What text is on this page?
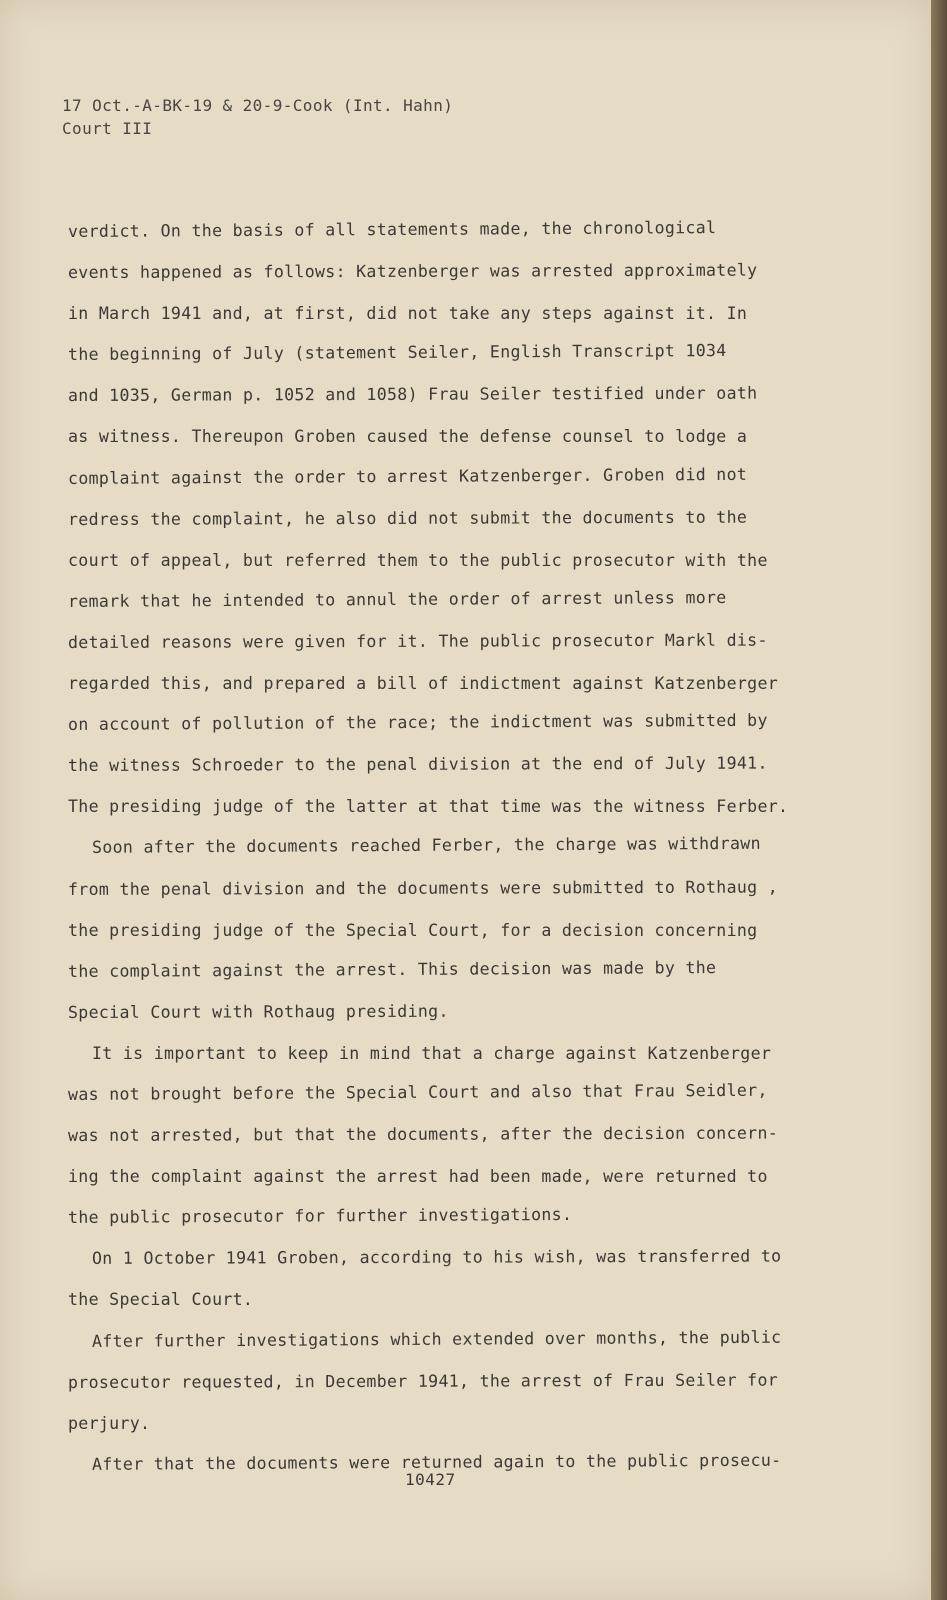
17 Oct.-A-BK-19 & 20-9-Cook (Int. Hahn)
Court III
verdict. On the basis of all statements made, the chronological
events happened as follows: Katzenberger was arrested approximately
in March 1941 and, at first, did not take any steps against it. In
the beginning of July (statement Seiler, English Transcript 1034
and 1035, German p. 1052 and 1058) Frau Seiler testified under oath
as witness. Thereupon Groben caused the defense counsel to lodge a
complaint against the order to arrest Katzenberger. Groben did not
redress the complaint, he also did not submit the documents to the
court of appeal, but referred them to the public prosecutor with the
remark that he intended to annul the order of arrest unless more
detailed reasons were given for it. The public prosecutor Markl dis-
regarded this, and prepared a bill of indictment against Katzenberger
on account of pollution of the race; the indictment was submitted by
the witness Schroeder to the penal division at the end of July 1941.
The presiding judge of the latter at that time was the witness Ferber.
Soon after the documents reached Ferber, the charge was withdrawn
from the penal division and the documents were submitted to Rothaug ,
the presiding judge of the Special Court, for a decision concerning
the complaint against the arrest. This decision was made by the
Special Court with Rothaug presiding.
It is important to keep in mind that a charge against Katzenberger
was not brought before the Special Court and also that Frau Seidler,
was not arrested, but that the documents, after the decision concern-
ing the complaint against the arrest had been made, were returned to
the public prosecutor for further investigations.
On 1 October 1941 Groben, according to his wish, was transferred to
the Special Court.
After further investigations which extended over months, the public
prosecutor requested, in December 1941, the arrest of Frau Seiler for
perjury.
After that the documents were returned again to the public prosecu-
10427
